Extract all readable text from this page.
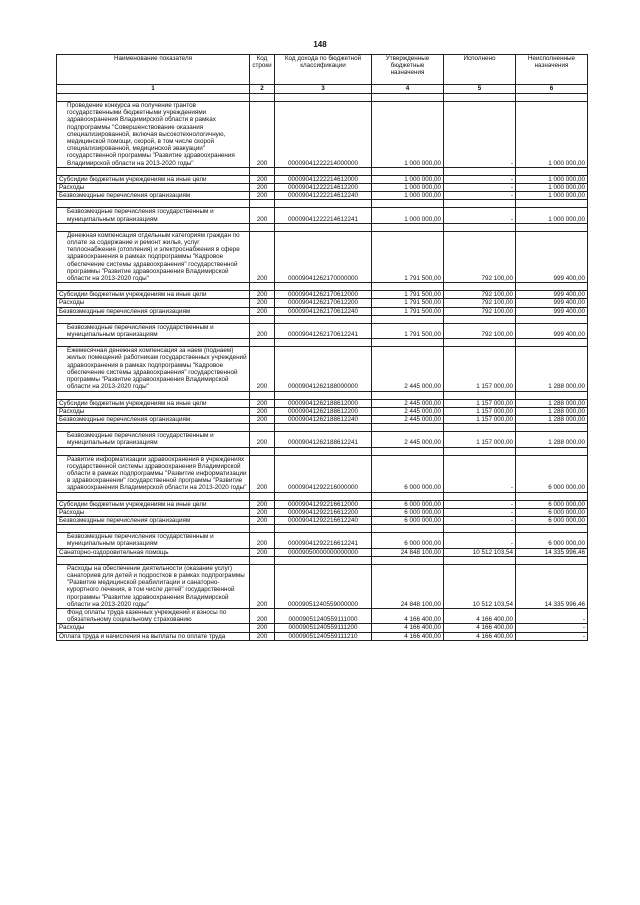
148
Наименование показателя	Код строки	Код дохода по бюджетной классификации	Утвержденные бюджетные назначения	Исполнено	Неисполненные назначения
1	2	3	4	5	6

Проведение конкурса на получение грантов государственными бюджетными учреждениями здравоохранения Владимирской области в рамках подпрограммы "Совершенствование оказания специализированной, включая высокотехнологичную, медицинской помощи, скорой, в том числе скорой специализированной, медицинской эвакуации" государственной программы "Развитие здравоохранения Владимирской области на 2013-2020 годы"	200	00009041222214000000	1 000 000,00	-	1 000 000,00

Субсидии бюджетным учреждениям на иные цели	200	00009041222214612000	1 000 000,00	-	1 000 000,00
Расходы	200	00009041222214612200	1 000 000,00	-	1 000 000,00
Безвозмездные перечисления организациям	200	00009041222214612240	1 000 000,00	-	1 000 000,00

Безвозмездные перечисления государственным и муниципальным организациям	200	00009041222214612241	1 000 000,00	-	1 000 000,00

Денежная компенсация отдельным категориям граждан по оплате за содержание и ремонт жилья, услуг теплоснабжения (отопления) и электроснабжения в сфере здравоохранения в рамках подпрограммы "Кадровое обеспечение системы здравоохранения" государственной программы "Развитие здравоохранения Владимирской области на 2013-2020 годы"	200	00009041262170000000	1 791 500,00	792 100,00	999 400,00

Субсидии бюджетным учреждениям на иные цели	200	00009041262170612000	1 791 500,00	792 100,00	999 400,00
Расходы	200	00009041262170612200	1 791 500,00	792 100,00	999 400,00
Безвозмездные перечисления организациям	200	00009041262170612240	1 791 500,00	792 100,00	999 400,00

Безвозмездные перечисления государственным и муниципальным организациям	200	00009041262170612241	1 791 500,00	792 100,00	999 400,00

Ежемесячная денежная компенсация за наем (поднаем) жилых помещений работникам государственных учреждений здравоохранения в рамках подпрограммы "Кадровое обеспечение системы здравоохранения" государственной программы "Развитие здравоохранения Владимирской области на 2013-2020 годы"	200	00009041262188000000	2 445 000,00	1 157 000,00	1 288 000,00

Субсидии бюджетным учреждениям на иные цели	200	00009041262188612000	2 445 000,00	1 157 000,00	1 288 000,00
Расходы	200	00009041262188612200	2 445 000,00	1 157 000,00	1 288 000,00
Безвозмездные перечисления организациям	200	00009041262188612240	2 445 000,00	1 157 000,00	1 288 000,00

Безвозмездные перечисления государственным и муниципальным организациям	200	00009041262188612241	2 445 000,00	1 157 000,00	1 288 000,00

Развитие информатизации здравоохранения в учреждениях государственной системы здравоохранения Владимирской области в рамках подпрограммы "Развитие информатизации в здравоохранении" государственной программы "Развитие здравоохранения Владимирской области на 2013-2020 годы"	200	00009041292216000000	6 000 000,00	-	6 000 000,00

Субсидии бюджетным учреждениям на иные цели	200	00009041292216612000	6 000 000,00	-	6 000 000,00
Расходы	200	00009041292216612200	6 000 000,00	-	6 000 000,00
Безвозмездные перечисления организациям	200	00009041292216612240	6 000 000,00	-	6 000 000,00

Безвозмездные перечисления государственным и муниципальным организациям	200	00009041292216612241	6 000 000,00	-	6 000 000,00
Санаторно-оздоровительная помощь	200	00009050000000000000	24 848 100,00	10 512 103,54	14 335 996,46

Расходы на обеспечение деятельности (оказание услуг) санаториев для детей и подростков в рамках подпрограммы "Развитие медицинской реабилитации и санаторно-курортного лечения, в том числе детей" государственной программы "Развитие здравоохранения Владимирской области на 2013-2020 годы"	200	00009051240559000000	24 848 100,00	10 512 103,54	14 335 996,46
Фонд оплаты труда казенных учреждений и взносы по обязательному социальному страхованию	200	00009051240559111000	4 166 400,00	4 166 400,00	-
Расходы	200	00009051240559111200	4 166 400,00	4 166 400,00	-
Оплата труда и начисления на выплаты по оплате труда	200	00009051240559111210	4 166 400,00	4 166 400,00	-
